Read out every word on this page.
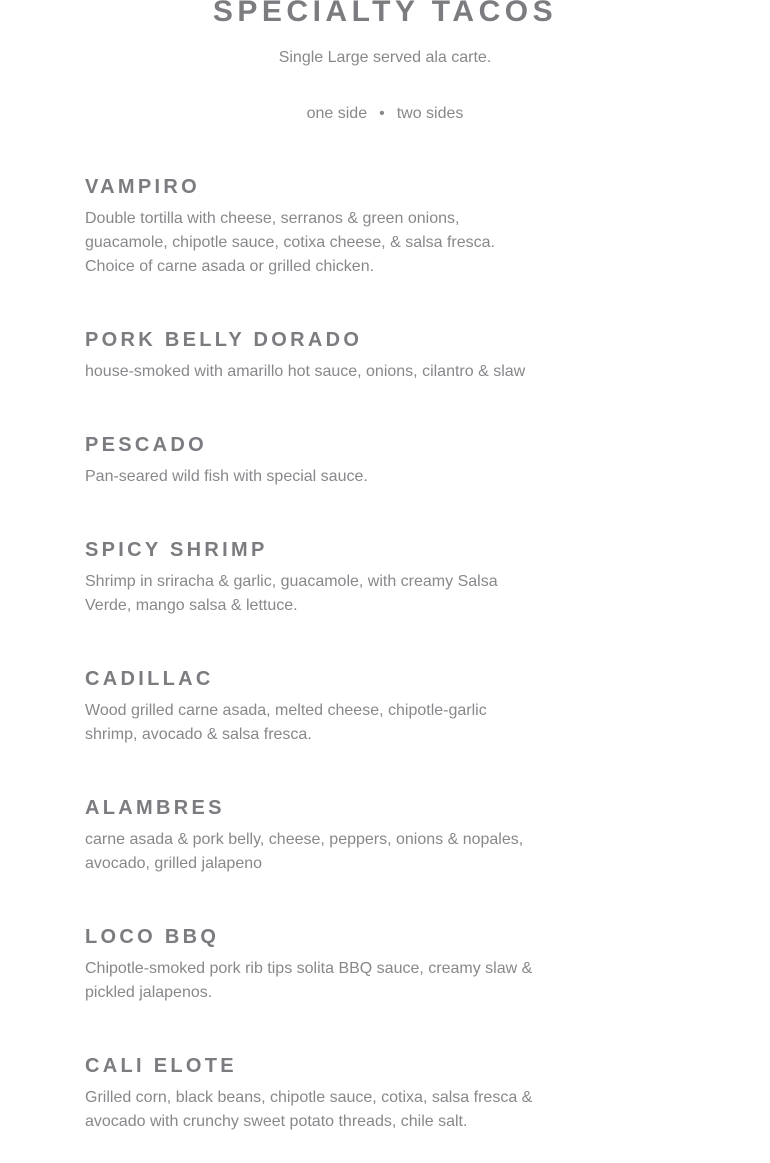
SPECIALTY TACOS
Single Large served ala carte.
one side • two sides
VAMPIRO
Double tortilla with cheese, serranos & green onions, guacamole, chipotle sauce, cotixa cheese, & salsa fresca. Choice of carne asada or grilled chicken.
PORK BELLY DORADO
house-smoked with amarillo hot sauce, onions, cilantro & slaw
PESCADO
Pan-seared wild fish with special sauce.
SPICY SHRIMP
Shrimp in sriracha & garlic, guacamole, with creamy Salsa Verde, mango salsa & lettuce.
CADILLAC
Wood grilled carne asada, melted cheese, chipotle-garlic shrimp, avocado & salsa fresca.
ALAMBRES
carne asada & pork belly, cheese, peppers, onions & nopales, avocado, grilled jalapeno
LOCO BBQ
Chipotle-smoked pork rib tips solita BBQ sauce, creamy slaw & pickled jalapenos.
CALI ELOTE
Grilled corn, black beans, chipotle sauce, cotixa, salsa fresca & avocado with crunchy sweet potato threads, chile salt.
